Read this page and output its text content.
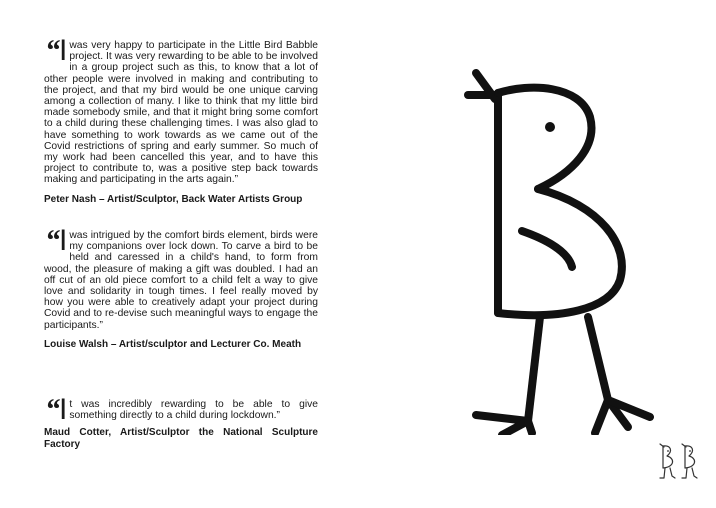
“ I was very happy to participate in the Little Bird Babble project. It was very rewarding to be able to be involved in a group project such as this, to know that a lot of other people were involved in making and contributing to the project, and that my bird would be one unique carving among a collection of many. I like to think that my little bird made somebody smile, and that it might bring some comfort to a child during these challenging times. I was also glad to have something to work towards as we came out of the Covid restrictions of spring and early summer. So much of my work had been cancelled this year, and to have this project to contribute to, was a positive step back towards making and participating in the arts again.”

Peter Nash – Artist/Sculptor, Back Water Artists Group

“ I was intrigued by the comfort birds element, birds were my companions over lock down. To carve a bird to be held and caressed in a child's hand, to form from wood, the pleasure of making a gift was doubled. I had an off cut of an old piece comfort to a child felt a way to give love and solidarity in tough times. I feel really moved by how you were able to creatively adapt your project during Covid and to re-devise such meaningful ways to engage the participants.”

Louise Walsh – Artist/sculptor and Lecturer Co. Meath

“ I t was incredibly rewarding to be able to give something directly to a child during lockdown.”

Maud Cotter, Artist/Sculptor the National Sculpture Factory
